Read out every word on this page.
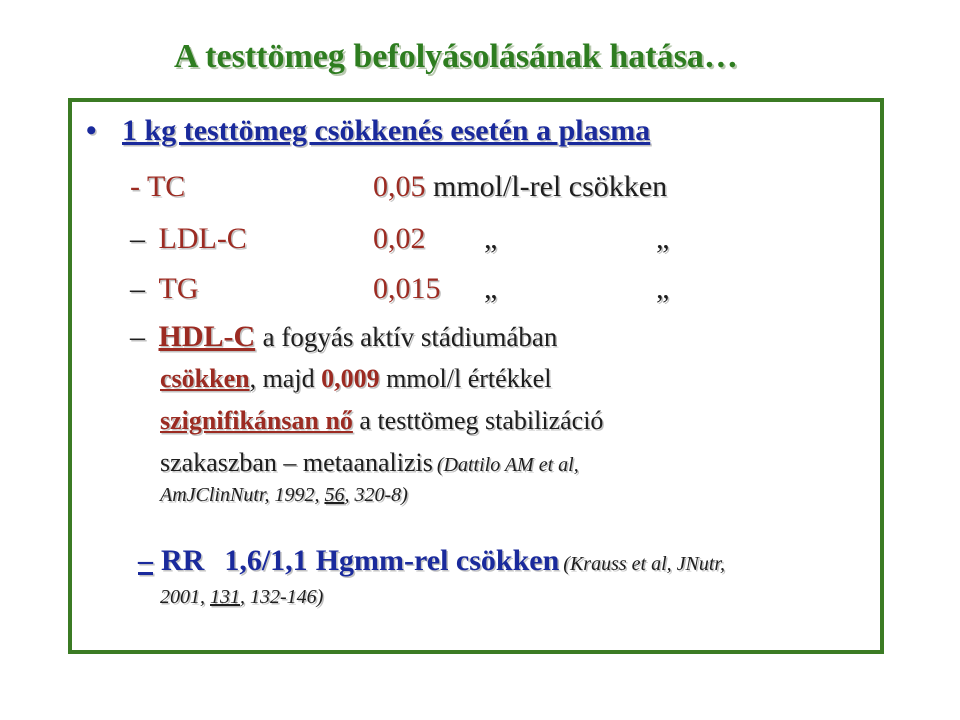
A testtömeg befolyásolásának hatása…
• 1 kg testtömeg csökkenés esetén a plasma
- TC	0,05 mmol/l-rel csökken
– LDL-C	0,02 „	„
– TG	0,015 „	„
– HDL-C a fogyás aktív stádiumában
csökken, majd 0,009 mmol/l értékkel
szignifikánsan nő a testtömeg stabilizáció
szakaszban – metaanalizis (Dattilo AM et al,
AmJClinNutr, 1992, 56, 320-8)
– RR 1,6/1,1 Hgmm-rel csökken (Krauss et al, JNutr,
2001, 131, 132-146)
